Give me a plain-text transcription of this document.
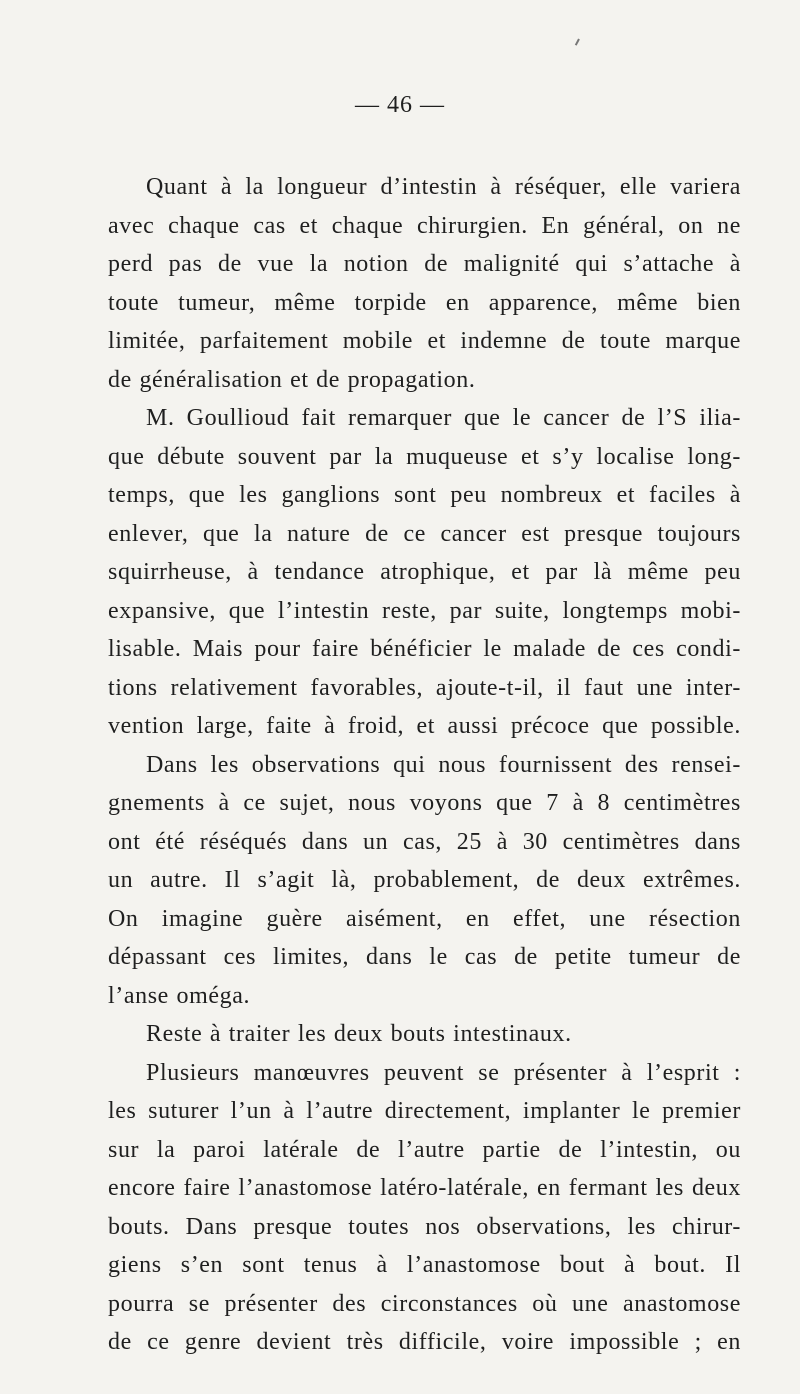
— 46 —
Quant à la longueur d’intestin à réséquer, elle variera
avec chaque cas et chaque chirurgien. En général, on ne
perd pas de vue la notion de malignité qui s’attache à
toute tumeur, même torpide en apparence, même bien
limitée, parfaitement mobile et indemne de toute marque
de généralisation et de propagation.
M. Goullioud fait remarquer que le cancer de l’S ilia-
que débute souvent par la muqueuse et s’y localise long-
temps, que les ganglions sont peu nombreux et faciles à
enlever, que la nature de ce cancer est presque toujours
squirrheuse, à tendance atrophique, et par là même peu
expansive, que l’intestin reste, par suite, longtemps mobi-
lisable. Mais pour faire bénéficier le malade de ces condi-
tions relativement favorables, ajoute-t-il, il faut une inter-
vention large, faite à froid, et aussi précoce que possible.
Dans les observations qui nous fournissent des rensei-
gnements à ce sujet, nous voyons que 7 à 8 centimètres
ont été réséqués dans un cas, 25 à 30 centimètres dans
un autre. Il s’agit là, probablement, de deux extrêmes.
On imagine guère aisément, en effet, une résection
dépassant ces limites, dans le cas de petite tumeur de
l’anse oméga.
Reste à traiter les deux bouts intestinaux.
Plusieurs manœuvres peuvent se présenter à l’esprit :
les suturer l’un à l’autre directement, implanter le premier
sur la paroi latérale de l’autre partie de l’intestin, ou
encore faire l’anastomose latéro-latérale, en fermant les deux
bouts. Dans presque toutes nos observations, les chirur-
giens s’en sont tenus à l’anastomose bout à bout. Il
pourra se présenter des circonstances où une anastomose
de ce genre devient très difficile, voire impossible ; en
